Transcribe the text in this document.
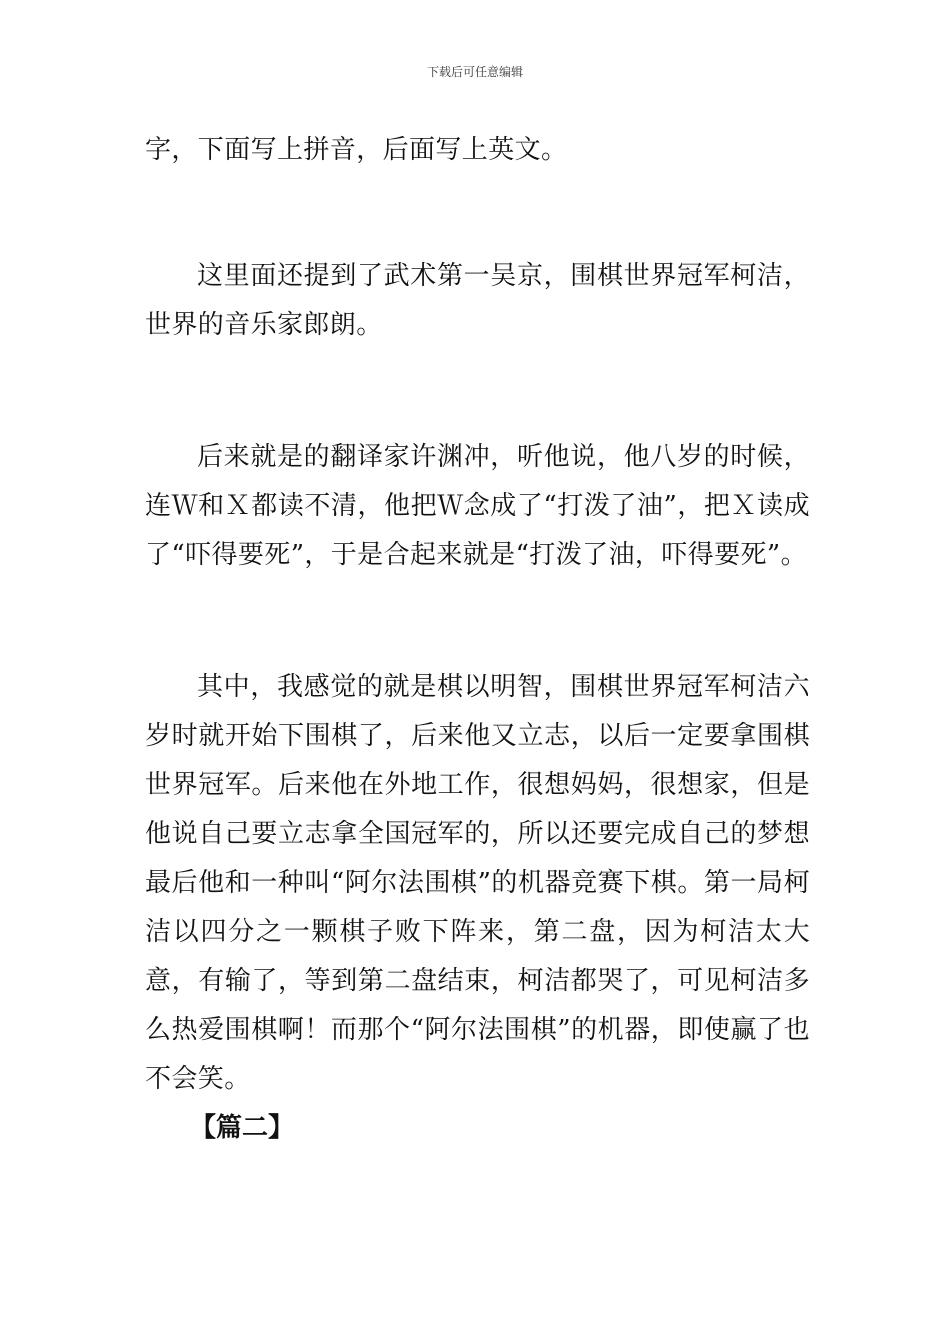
下载后可任意编辑

字，下面写上拼音，后面写上英文。

这里面还提到了武术第一吴京，围棋世界冠军柯洁，世界的音乐家郎朗。

后来就是的翻译家许渊冲，听他说，他八岁的时候，连Ｗ和Ｘ都读不清，他把Ｗ念成了“打泼了油”，把Ｘ读成了“吓得要死”，于是合起来就是“打泼了油，吓得要死”。

其中，我感觉的就是棋以明智，围棋世界冠军柯洁六岁时就开始下围棋了，后来他又立志，以后一定要拿围棋世界冠军。后来他在外地工作，很想妈妈，很想家，但是他说自己要立志拿全国冠军的，所以还要完成自己的梦想最后他和一种叫“阿尔法围棋”的机器竞赛下棋。第一局柯洁以四分之一颗棋子败下阵来，第二盘，因为柯洁太大意，有输了，等到第二盘结束，柯洁都哭了，可见柯洁多么热爱围棋啊！而那个“阿尔法围棋”的机器，即使赢了也不会笑。

【篇二】
